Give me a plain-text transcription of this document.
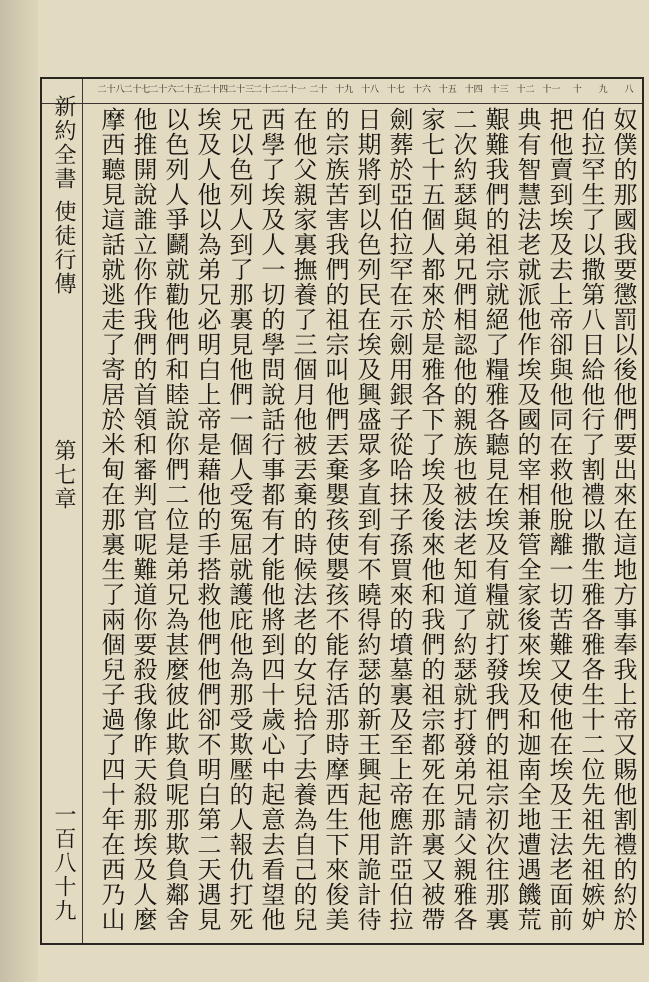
八
九
十
十一
十二
十三
十四
十五
十六
十七
十八
十九
二十
二十一
二十二
二十三
二十四
二十五
二十六
二十七
二十八
新約全書 使徒行傳
一百八十九
第七章
奴僕的那國我要懲罰以後他們要出來在這地方事奉我上帝又賜他割禮的約於
伯拉罕生了以撒第八日給他行了割禮以撒生雅各雅各生十二位先祖先祖嫉妒
把他賣到埃及去上帝卻與他同在救他脫離一切苦難又使他在埃及王法老面前
典有智慧法老就派他作埃及國的宰相兼管全家後來埃及和迦南全地遭遇饑荒
艱難我們的祖宗就絕了糧雅各聽見在埃及有糧就打發我們的祖宗初次往那裏
二次約瑟與弟兄們相認他的親族也被法老知道了約瑟就打發弟兄請父親雅各
家七十五個人都來於是雅各下了埃及後來他和我們的祖宗都死在那裏又被帶
劍葬於亞伯拉罕在示劍用銀子從哈抹子孫買來的墳墓裏及至上帝應許亞伯拉
日期將到以色列民在埃及興盛眾多直到有不曉得約瑟的新王興起他用詭計待
的宗族苦害我們的祖宗叫他們丟棄嬰孩使嬰孩不能存活那時摩西生下來俊美
在他父親家裏撫養了三個月他被丟棄的時候法老的女兒拾了去養為自己的兒
西學了埃及人一切的學問說話行事都有才能他將到四十歲心中起意去看望他
兄以色列人到了那裏見他們一個人受冤屈就護庇他為那受欺壓的人報仇打死
埃及人他以為弟兄必明白上帝是藉他的手搭救他們他們卻不明白第二天遇見
以色列人爭鬬就勸他們和睦說你們二位是弟兄為甚麼彼此欺負呢那欺負鄰舍
他推開說誰立你作我們的首領和審判官呢難道你要殺我像昨天殺那埃及人麼
摩西聽見這話就逃走了寄居於米甸在那裏生了兩個兒子過了四十年在西乃山
